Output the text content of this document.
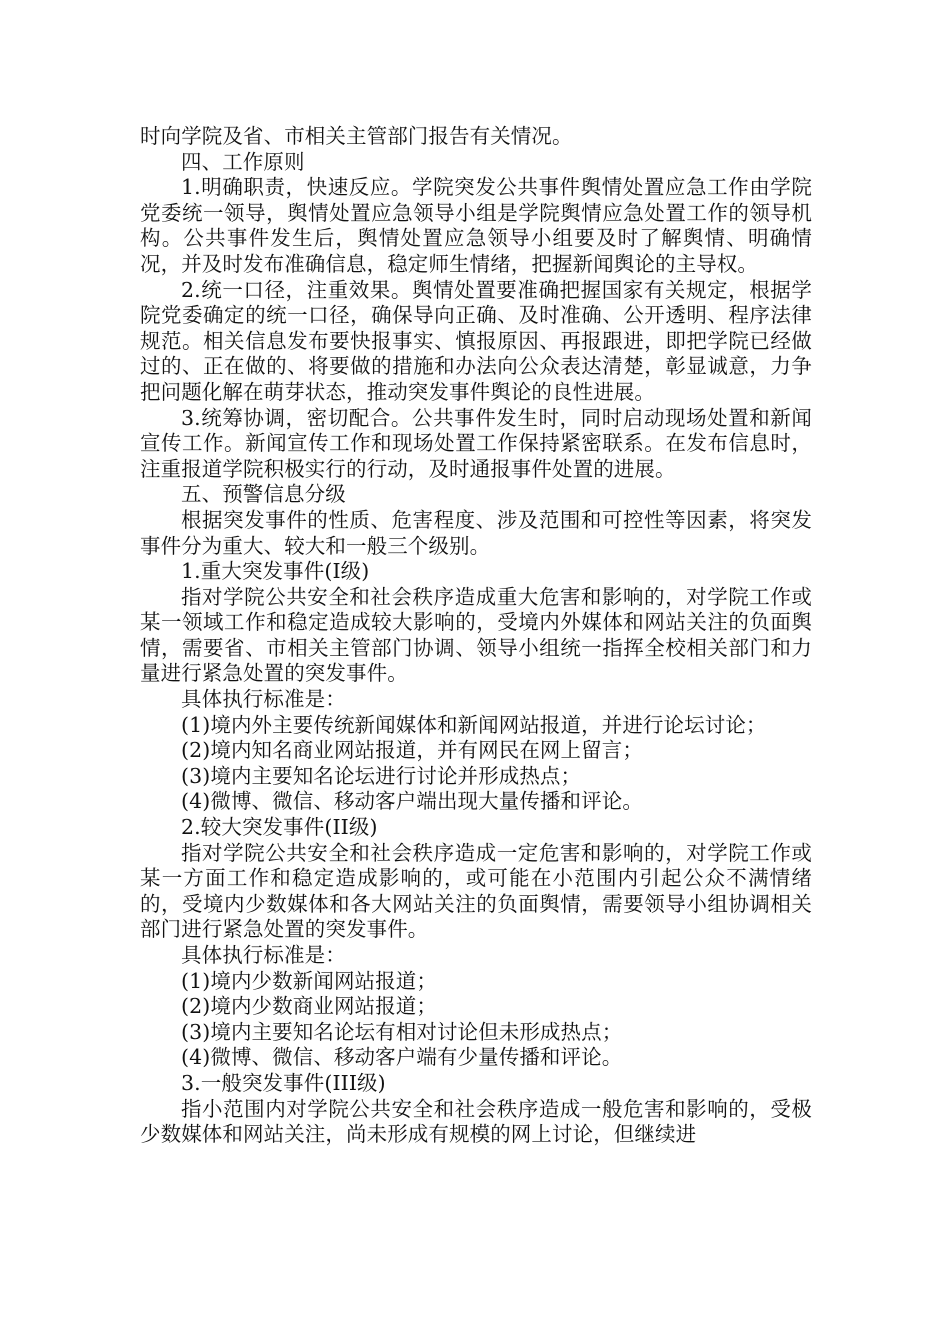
时向学院及省、市相关主管部门报告有关情况。

四、工作原则

1.明确职责，快速反应。学院突发公共事件舆情处置应急工作由学院党委统一领导，舆情处置应急领导小组是学院舆情应急处置工作的领导机构。公共事件发生后，舆情处置应急领导小组要及时了解舆情、明确情况，并及时发布准确信息，稳定师生情绪，把握新闻舆论的主导权。

2.统一口径，注重效果。舆情处置要准确把握国家有关规定，根据学院党委确定的统一口径，确保导向正确、及时准确、公开透明、程序法律规范。相关信息发布要快报事实、慎报原因、再报跟进，即把学院已经做过的、正在做的、将要做的措施和办法向公众表达清楚，彰显诚意，力争把问题化解在萌芽状态，推动突发事件舆论的良性进展。

3.统筹协调，密切配合。公共事件发生时，同时启动现场处置和新闻宣传工作。新闻宣传工作和现场处置工作保持紧密联系。在发布信息时，注重报道学院积极实行的行动，及时通报事件处置的进展。

五、预警信息分级

根据突发事件的性质、危害程度、涉及范围和可控性等因素，将突发事件分为重大、较大和一般三个级别。

1.重大突发事件(I级)

指对学院公共安全和社会秩序造成重大危害和影响的，对学院工作或某一领域工作和稳定造成较大影响的，受境内外媒体和网站关注的负面舆情，需要省、市相关主管部门协调、领导小组统一指挥全校相关部门和力量进行紧急处置的突发事件。

具体执行标准是：

(1)境内外主要传统新闻媒体和新闻网站报道，并进行论坛讨论；

(2)境内知名商业网站报道，并有网民在网上留言；

(3)境内主要知名论坛进行讨论并形成热点；

(4)微博、微信、移动客户端出现大量传播和评论。

2.较大突发事件(II级)

指对学院公共安全和社会秩序造成一定危害和影响的，对学院工作或某一方面工作和稳定造成影响的，或可能在小范围内引起公众不满情绪的，受境内少数媒体和各大网站关注的负面舆情，需要领导小组协调相关部门进行紧急处置的突发事件。

具体执行标准是：

(1)境内少数新闻网站报道；

(2)境内少数商业网站报道；

(3)境内主要知名论坛有相对讨论但未形成热点；

(4)微博、微信、移动客户端有少量传播和评论。

3.一般突发事件(III级)

指小范围内对学院公共安全和社会秩序造成一般危害和影响的，受极少数媒体和网站关注，尚未形成有规模的网上讨论，但继续进
